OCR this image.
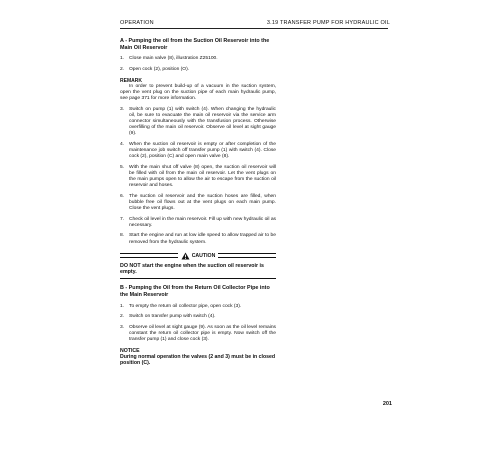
OPERATION	3.19 TRANSFER PUMP FOR HYDRAULIC OIL
A - Pumping the oil from the Suction Oil Reservoir into the Main Oil Reservoir
1.	Close main valve (8), illustration Z25100.
2.	Open cock (2), position (O).
REMARK
In order to prevent build-up of a vacuum in the suction system, open the vent plug on the suction pipe of each main hydraulic pump, see page 371 for more information.
3.	Switch on pump (1) with switch (4). When changing the hydraulic oil, be sure to evacuate the main oil reservoir via the service arm connector simultaneously with the transfusion process. Otherwise overfilling of the main oil reservoir. Observe oil level at sight gauge (9).
4.	When the suction oil reservoir is empty or after completion of the maintenance job switch off transfer pump (1) with switch (4). Close cock (2), position (C) and open main valve (8).
5.	With the main shut off valve (8) open, the suction oil reservoir will be filled with oil from the main oil reservoir. Let the vent plugs on the main pumps open to allow the air to escape from the suction oil reservoir and hoses.
6.	The suction oil reservoir and the suction hoses are filled, when bubble free oil flows out at the vent plugs on each main pump. Close the vent plugs.
7.	Check oil level in the main reservoir. Fill up with new hydraulic oil as necessary.
8.	Start the engine and run at low idle speed to allow trapped air to be removed from the hydraulic system.
CAUTION
DO NOT start the engine when the suction oil reservoir is empty.
B - Pumping the Oil from the Return Oil Collector Pipe into the Main Reservoir
1.	To empty the return oil collector pipe, open cock (3).
2.	Switch on transfer pump with switch (4).
3.	Observe oil level at sight gauge (9). As soon as the oil level remains constant the return oil collector pipe is empty. Now switch off the transfer pump (1) and close cock (3).
NOTICE
During normal operation the valves (2 and 3) must be in closed position (C).
201
